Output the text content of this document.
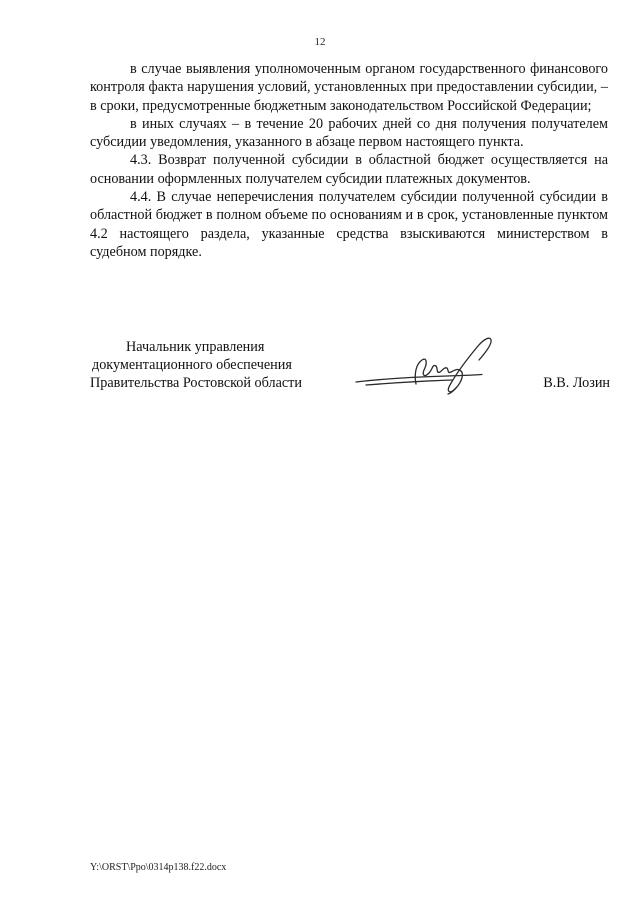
12

в случае выявления уполномоченным органом государственного финансового контроля факта нарушения условий, установленных при предоставлении субсидии, – в сроки, предусмотренные бюджетным законодательством Российской Федерации;

в иных случаях – в течение 20 рабочих дней со дня получения получателем субсидии уведомления, указанного в абзаце первом настоящего пункта.

4.3. Возврат полученной субсидии в областной бюджет осуществляется на основании оформленных получателем субсидии платежных документов.

4.4. В случае неперечисления получателем субсидии полученной субсидии в областной бюджет в полном объеме по основаниям и в срок, установленные пунктом 4.2 настоящего раздела, указанные средства взыскиваются министерством в судебном порядке.

Начальник управления
документационного обеспечения
Правительства Ростовской области	В.В. Лозин
Y:\ORST\Ppo\0314p138.f22.docx
